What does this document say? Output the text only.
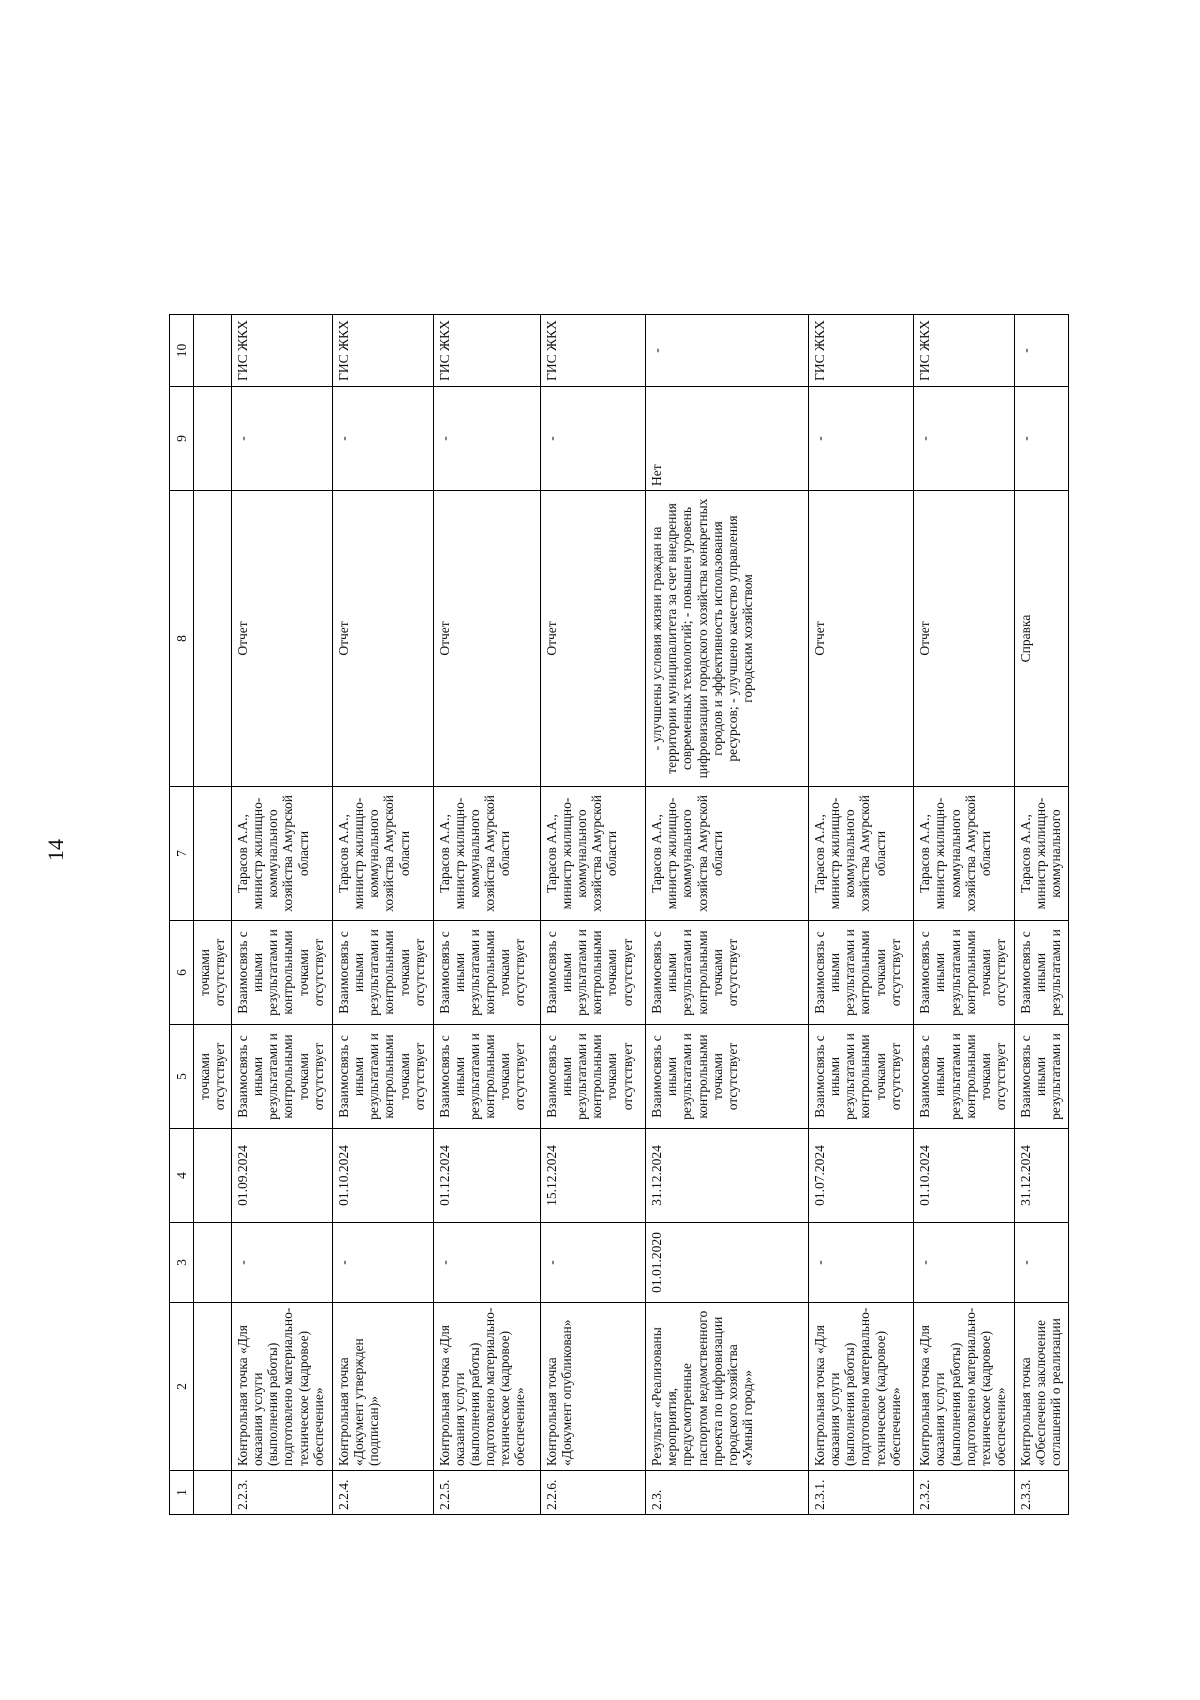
14
1	2	3	4	5	6	7	8	9	10
				точками отсутствует	точками отсутствует				
2.2.3.	Контрольная точка «Для оказания услуги (выполнения работы) подготовлено материально-техническое (кадровое) обеспечение»	-	01.09.2024	Взаимосвязь с иными результатами и контрольными точками отсутствует	Взаимосвязь с иными результатами и контрольными точками отсутствует	Тарасов А.А., министр жилищно-коммунального хозяйства Амурской области	Отчет	-	ГИС ЖКХ
2.2.4.	Контрольная точка «Документ утвержден (подписан)»	-	01.10.2024	Взаимосвязь с иными результатами и контрольными точками отсутствует	Взаимосвязь с иными результатами и контрольными точками отсутствует	Тарасов А.А., министр жилищно-коммунального хозяйства Амурской области	Отчет	-	ГИС ЖКХ
2.2.5.	Контрольная точка «Для оказания услуги (выполнения работы) подготовлено материально-техническое (кадровое) обеспечение»	-	01.12.2024	Взаимосвязь с иными результатами и контрольными точками отсутствует	Взаимосвязь с иными результатами и контрольными точками отсутствует	Тарасов А.А., министр жилищно-коммунального хозяйства Амурской области	Отчет	-	ГИС ЖКХ
2.2.6.	Контрольная точка «Документ опубликован»	-	15.12.2024	Взаимосвязь с иными результатами и контрольными точками отсутствует	Взаимосвязь с иными результатами и контрольными точками отсутствует	Тарасов А.А., министр жилищно-коммунального хозяйства Амурской области	Отчет	-	ГИС ЖКХ
2.3.	Результат «Реализованы мероприятия, предусмотренные паспортом ведомственного проекта по цифровизации городского хозяйства «Умный город»»	01.01.2020	31.12.2024	Взаимосвязь с иными результатами и контрольными точками отсутствует	Взаимосвязь с иными результатами и контрольными точками отсутствует	Тарасов А.А., министр жилищно-коммунального хозяйства Амурской области	- улучшены условия жизни граждан на территории муниципалитета за счет внедрения современных технологий; - повышен уровень цифровизации городского хозяйства конкретных городов и эффективность использования ресурсов; - улучшено качество управления городским хозяйством	Нет	-
2.3.1.	Контрольная точка «Для оказания услуги (выполнения работы) подготовлено материально-техническое (кадровое) обеспечение»	-	01.07.2024	Взаимосвязь с иными результатами и контрольными точками отсутствует	Взаимосвязь с иными результатами и контрольными точками отсутствует	Тарасов А.А., министр жилищно-коммунального хозяйства Амурской области	Отчет	-	ГИС ЖКХ
2.3.2.	Контрольная точка «Для оказания услуги (выполнения работы) подготовлено материально-техническое (кадровое) обеспечение»	-	01.10.2024	Взаимосвязь с иными результатами и контрольными точками отсутствует	Взаимосвязь с иными результатами и контрольными точками отсутствует	Тарасов А.А., министр жилищно-коммунального хозяйства Амурской области	Отчет	-	ГИС ЖКХ
2.3.3.	Контрольная точка «Обеспечено заключение соглашений о реализации	-	31.12.2024	Взаимосвязь с иными результатами и	Взаимосвязь с иными результатами и	Тарасов А.А., министр жилищно-коммунального	Справка	-	-
